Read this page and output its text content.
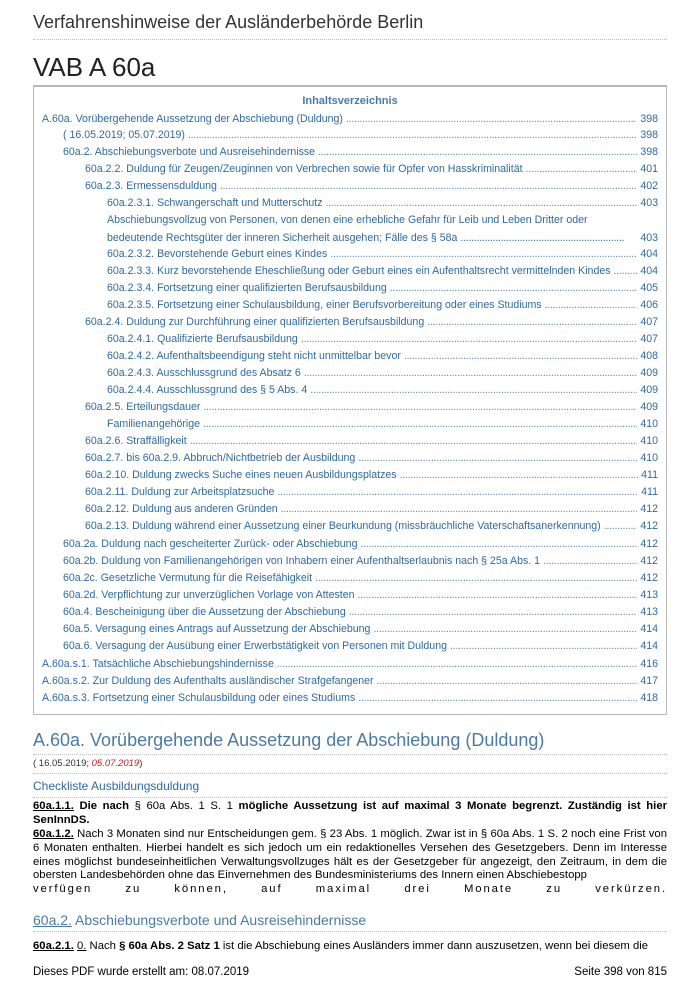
Verfahrenshinweise der Ausländerbehörde Berlin
VAB A 60a
Inhaltsverzeichnis
A.60a. Vorübergehende Aussetzung der Abschiebung (Duldung) . . .	398
( 16.05.2019; 05.07.2019) . . .	398
60a.2. Abschiebungsverbote und Ausreisehindernisse . . .	398
60a.2.2. Duldung für Zeugen/Zeuginnen von Verbrechen sowie für Opfer von Hasskriminalität . . .	401
60a.2.3. Ermessensduldung . . .	402
60a.2.3.1. Schwangerschaft und Mutterschutz . . .	403
Abschiebungsvollzug von Personen, von denen eine erhebliche Gefahr für Leib und Leben Dritter oder
bedeutende Rechtsgüter der inneren Sicherheit ausgehen; Fälle des § 58a . . . . . . . . . . . . . . . . . . . . . . . . . . . . . . . . . . . . . . . . . . . . . . . . . . . . . . . . . . . . .	403
60a.2.3.2. Bevorstehende Geburt eines Kindes . . .	404
60a.2.3.3. Kurz bevorstehende Eheschließung oder Geburt eines ein Aufenthaltsrecht vermittelnden Kindes . . .	404
60a.2.3.4. Fortsetzung einer qualifizierten Berufsausbildung . . .	405
60a.2.3.5. Fortsetzung einer Schulausbildung, einer Berufsvorbereitung oder eines Studiums . . .	406
60a.2.4. Duldung zur Durchführung einer qualifizierten Berufsausbildung . . .	407
60a.2.4.1. Qualifizierte Berufsausbildung . . .	407
60a.2.4.2. Aufenthaltsbeendigung steht nicht unmittelbar bevor . . .	408
60a.2.4.3. Ausschlussgrund des Absatz 6 . . .	409
60a.2.4.4. Ausschlussgrund des § 5 Abs. 4 . . .	409
60a.2.5. Erteilungsdauer . . .	409
Familienangehörige . . .	410
60a.2.6. Straffälligkeit . . .	410
60a.2.7. bis 60a.2.9. Abbruch/Nichtbetrieb der Ausbildung . . .	410
60a.2.10. Duldung zwecks Suche eines neuen Ausbildungsplatzes . . .	411
60a.2.11. Duldung zur Arbeitsplatzsuche . . .	411
60a.2.12. Duldung aus anderen Gründen . . .	412
60a.2.13. Duldung während einer Aussetzung einer Beurkundung (missbräuchliche Vaterschaftsanerkennung) . . .	412
60a.2a. Duldung nach gescheiterter Zurück- oder Abschiebung . . .	412
60a.2b. Duldung von Familienangehörigen von Inhabern einer Aufenthaltserlaubnis nach § 25a Abs. 1 . . .	412
60a.2c. Gesetzliche Vermutung für die Reisefähigkeit . . .	412
60a.2d. Verpflichtung zur unverzüglichen Vorlage von Attesten . . .	413
60a.4. Bescheinigung über die Aussetzung der Abschiebung . . .	413
60a.5. Versagung eines Antrags auf Aussetzung der Abschiebung . . .	414
60a.6. Versagung der Ausübung einer Erwerbstätigkeit von Personen mit Duldung . . .	414
A.60a.s.1. Tatsächliche Abschiebungshindernisse . . .	416
A.60a.s.2. Zur Duldung des Aufenthalts ausländischer Strafgefangener . . .	417
A.60a.s.3. Fortsetzung einer Schulausbildung oder eines Studiums . . .	418
A.60a. Vorübergehende Aussetzung der Abschiebung (Duldung)
( 16.05.2019; 05.07.2019)
Checkliste Ausbildungsduldung
60a.1.1. Die nach § 60a Abs. 1 S. 1 mögliche Aussetzung ist auf maximal 3 Monate begrenzt. Zuständig ist hier SenInnDS.
60a.1.2. Nach 3 Monaten sind nur Entscheidungen gem. § 23 Abs. 1 möglich. Zwar ist in § 60a Abs. 1 S. 2 noch eine Frist von 6 Monaten enthalten. Hierbei handelt es sich jedoch um ein redaktionelles Versehen des Gesetzgebers. Denn im Interesse eines möglichst bundeseinheitlichen Verwaltungsvollzuges hält es der Gesetzgeber für angezeigt, den Zeitraum, in dem die obersten Landesbehörden ohne das Einvernehmen des Bundesministeriums des Innern einen Abschiebestopp
verfügen zu können, auf maximal drei Monate zu verkürzen.
60a.2. Abschiebungsverbote und Ausreisehindernisse
60a.2.1. 0. Nach § 60a Abs. 2 Satz 1 ist die Abschiebung eines Ausländers immer dann auszusetzen, wenn bei diesem die
Dieses PDF wurde erstellt am: 08.07.2019	Seite 398 von 815
